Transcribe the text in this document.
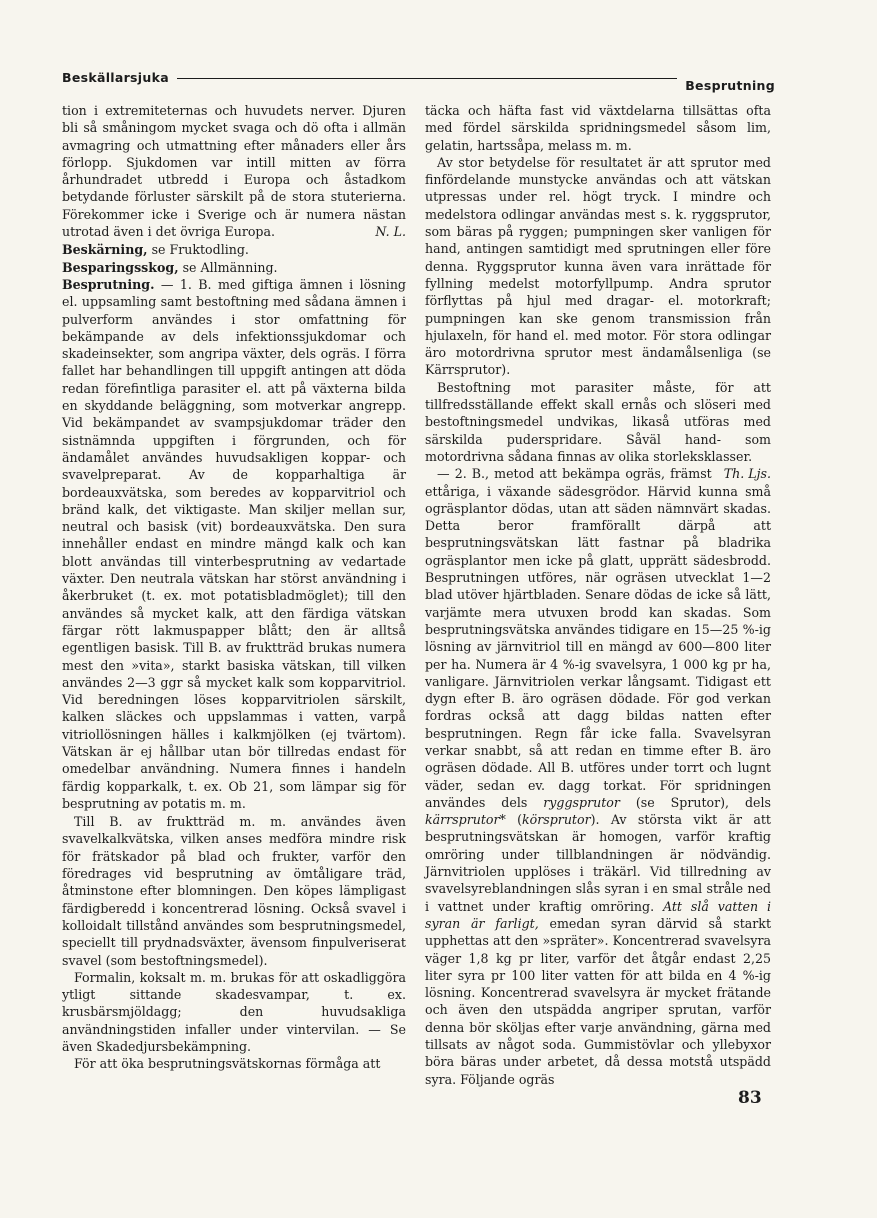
Beskällarsjuka
Besprutning

tion i extremiteternas och huvudets nerver. Djuren bli så småningom mycket svaga och dö ofta i allmän avmagring och utmattning efter månaders eller års förlopp. Sjukdomen var intill mitten av förra århundradet utbredd i Europa och åstadkom betydande förluster särskilt på de stora stuterierna. Förekommer icke i Sverige och är numera nästan utrotad även i det övriga Europa.	N. L.

Beskärning, se Fruktodling.

Besparingsskog, se Allmänning.

Besprutning. — 1. B. med giftiga ämnen i lösning el. uppsamling samt bestoftning med sådana ämnen i pulverform användes i stor omfattning för bekämpande av dels infektionssjukdomar och skadeinsekter, som angripa växter, dels ogräs. I förra fallet har behandlingen till uppgift antingen att döda redan förefintliga parasiter el. att på växterna bilda en skyddande beläggning, som motverkar angrepp. Vid bekämpandet av svampsjukdomar träder den sistnämnda uppgiften i förgrunden, och för ändamålet användes huvudsakligen koppar- och svavelpreparat. Av de kopparhaltiga är bordeauxvätska, som beredes av kopparvitriol och bränd kalk, det viktigaste. Man skiljer mellan sur, neutral och basisk (vit) bordeauxvätska. Den sura innehåller endast en mindre mängd kalk och kan blott användas till vinterbesprutning av vedartade växter. Den neutrala vätskan har störst användning i åkerbruket (t. ex. mot potatisbladmöglet); till den användes så mycket kalk, att den färdiga vätskan färgar rött lakmuspapper blått; den är alltså egentligen basisk. Till B. av fruktträd brukas numera mest den »vita», starkt basiska vätskan, till vilken användes 2—3 ggr så mycket kalk som kopparvitriol. Vid beredningen löses kopparvitriolen särskilt, kalken släckes och uppslammas i vatten, varpå vitriollösningen hälles i kalkmjölken (ej tvärtom). Vätskan är ej hållbar utan bör tillredas endast för omedelbar användning. Numera finnes i handeln färdig kopparkalk, t. ex. Ob 21, som lämpar sig för besprutning av potatis m. m.

Till B. av fruktträd m. m. användes även svavelkalkvätska, vilken anses medföra mindre risk för frätskador på blad och frukter, varför den föredrages vid besprutning av ömtåligare träd, åtminstone efter blomningen. Den köpes lämpligast färdigberedd i koncentrerad lösning. Också svavel i kolloidalt tillstånd användes som besprutningsmedel, speciellt till prydnadsväxter, ävensom finpulveriserat svavel (som bestoftningsmedel).

Formalin, koksalt m. m. brukas för att oskadliggöra ytligt sittande skadesvampar, t. ex. krusbärsmjöldagg; den huvudsakliga användningstiden infaller under vintervilan. — Se även Skadedjursbekämpning.

För att öka besprutningsvätskornas förmåga att

täcka och häfta fast vid växtdelarna tillsättas ofta med fördel särskilda spridningsmedel såsom lim, gelatin, hartssåpa, melass m. m.

Av stor betydelse för resultatet är att sprutor med finfördelande munstycke användas och att vätskan utpressas under rel. högt tryck. I mindre och medelstora odlingar användas mest s. k. ryggsprutor, som bäras på ryggen; pumpningen sker vanligen för hand, antingen samtidigt med sprutningen eller före denna. Ryggsprutor kunna även vara inrättade för fyllning medelst motorfyllpump. Andra sprutor förflyttas på hjul med dragar- el. motorkraft; pumpningen kan ske genom transmission från hjulaxeln, för hand el. med motor. För stora odlingar äro motordrivna sprutor mest ändamålsenliga (se Kärrsprutor).

Bestoftning mot parasiter måste, för att tillfredsställande effekt skall ernås och slöseri med bestoftningsmedel undvikas, likaså utföras med särskilda puderspridare. Såväl hand- som motordrivna sådana finnas av olika storleksklasser.
Th. Ljs.

— 2. B., metod att bekämpa ogräs, främst ettåriga, i växande sädesgrödor. Härvid kunna små ogräsplantor dödas, utan att säden nämnvärt skadas. Detta beror framförallt därpå att besprutningsvätskan lätt fastnar på bladrika ogräsplantor men icke på glatt, upprätt sädesbrodd. Besprutningen utföres, när ogräsen utvecklat 1—2 blad utöver hjärtbladen. Senare dödas de icke så lätt, varjämte mera utvuxen brodd kan skadas. Som besprutningsvätska användes tidigare en 15—25 %-ig lösning av järnvitriol till en mängd av 600—800 liter per ha. Numera är 4 %-ig svavelsyra, 1 000 kg pr ha, vanligare. Järnvitriolen verkar långsamt. Tidigast ett dygn efter B. äro ogräsen dödade. För god verkan fordras också att dagg bildas natten efter besprutningen. Regn får icke falla. Svavelsyran verkar snabbt, så att redan en timme efter B. äro ogräsen dödade. All B. utföres under torrt och lugnt väder, sedan ev. dagg torkat. För spridningen användes dels ryggsprutor (se Sprutor), dels kärrsprutor* (körsprutor). Av största vikt är att besprutningsvätskan är homogen, varför kraftig omröring under tillblandningen är nödvändig. Järnvitriolen upplöses i träkärl. Vid tillredning av svavelsyreblandningen slås syran i en smal stråle ned i vattnet under kraftig omröring. Att slå vatten i syran är farligt, emedan syran därvid så starkt upphettas att den »spräter». Koncentrerad svavelsyra väger 1,8 kg pr liter, varför det åtgår endast 2,25 liter syra pr 100 liter vatten för att bilda en 4 %-ig lösning. Koncentrerad svavelsyra är mycket frätande och även den utspädda angriper sprutan, varför denna bör sköljas efter varje användning, gärna med tillsats av något soda. Gummistövlar och yllebyxor böra bäras under arbetet, då dessa motstå utspädd syra. Följande ogräs

83
